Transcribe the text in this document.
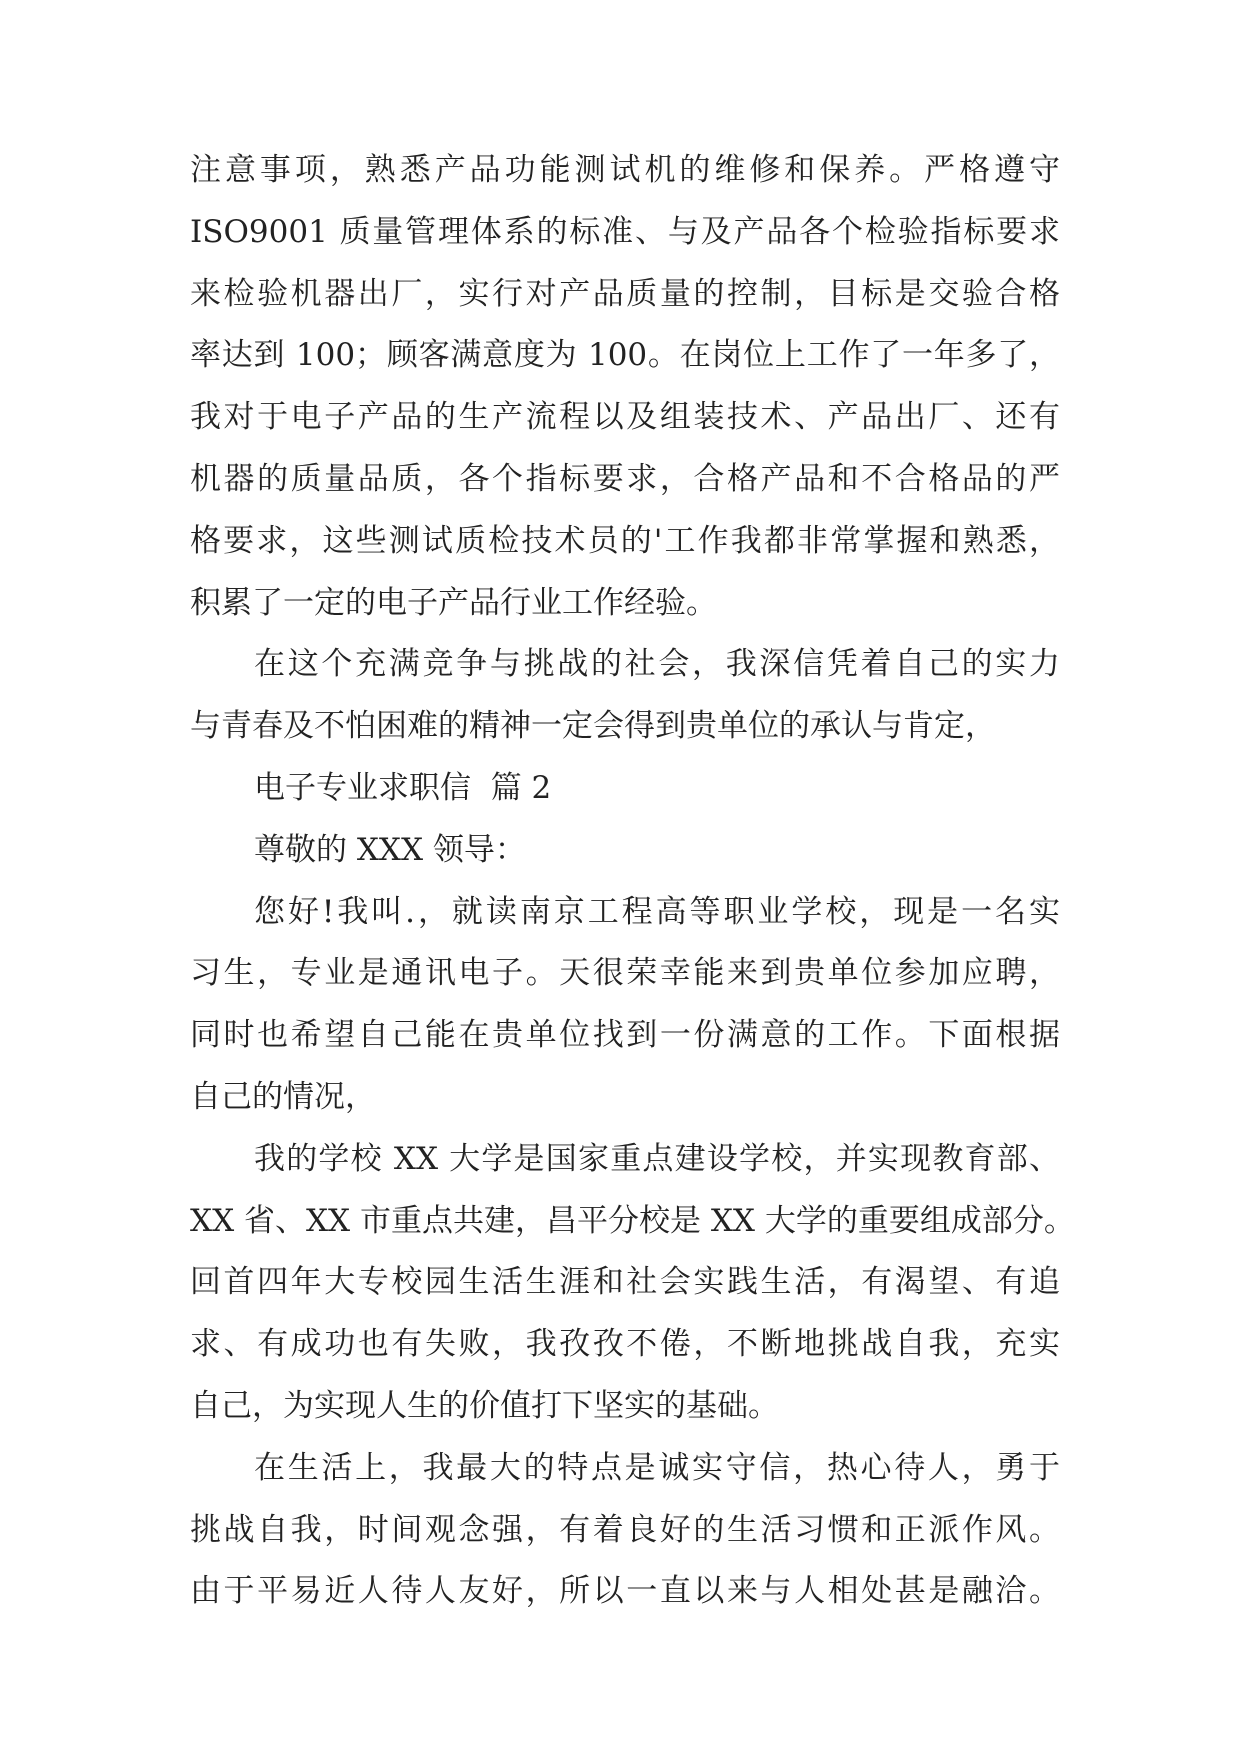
注意事项，熟悉产品功能测试机的维修和保养。严格遵守
ISO9001 质量管理体系的标准、与及产品各个检验指标要求
来检验机器出厂，实行对产品质量的控制，目标是交验合格
率达到 100；顾客满意度为 100。在岗位上工作了一年多了，
我对于电子产品的生产流程以及组装技术、产品出厂、还有
机器的质量品质，各个指标要求，合格产品和不合格品的严
格要求，这些测试质检技术员的'工作我都非常掌握和熟悉，
积累了一定的电子产品行业工作经验。
在这个充满竞争与挑战的社会，我深信凭着自己的实力
与青春及不怕困难的精神一定会得到贵单位的承认与肯定，
电子专业求职信  篇 2
尊敬的 XXX 领导：
您好!我叫.，就读南京工程高等职业学校，现是一名实
习生，专业是通讯电子。天很荣幸能来到贵单位参加应聘，
同时也希望自己能在贵单位找到一份满意的工作。下面根据
自己的情况，
我的学校 XX 大学是国家重点建设学校，并实现教育部、
XX 省、XX 市重点共建，昌平分校是 XX 大学的重要组成部分。
回首四年大专校园生活生涯和社会实践生活，有渴望、有追
求、有成功也有失败，我孜孜不倦，不断地挑战自我，充实
自己，为实现人生的价值打下坚实的基础。
在生活上，我最大的特点是诚实守信，热心待人，勇于
挑战自我，时间观念强，有着良好的生活习惯和正派作风。
由于平易近人待人友好，所以一直以来与人相处甚是融洽。
